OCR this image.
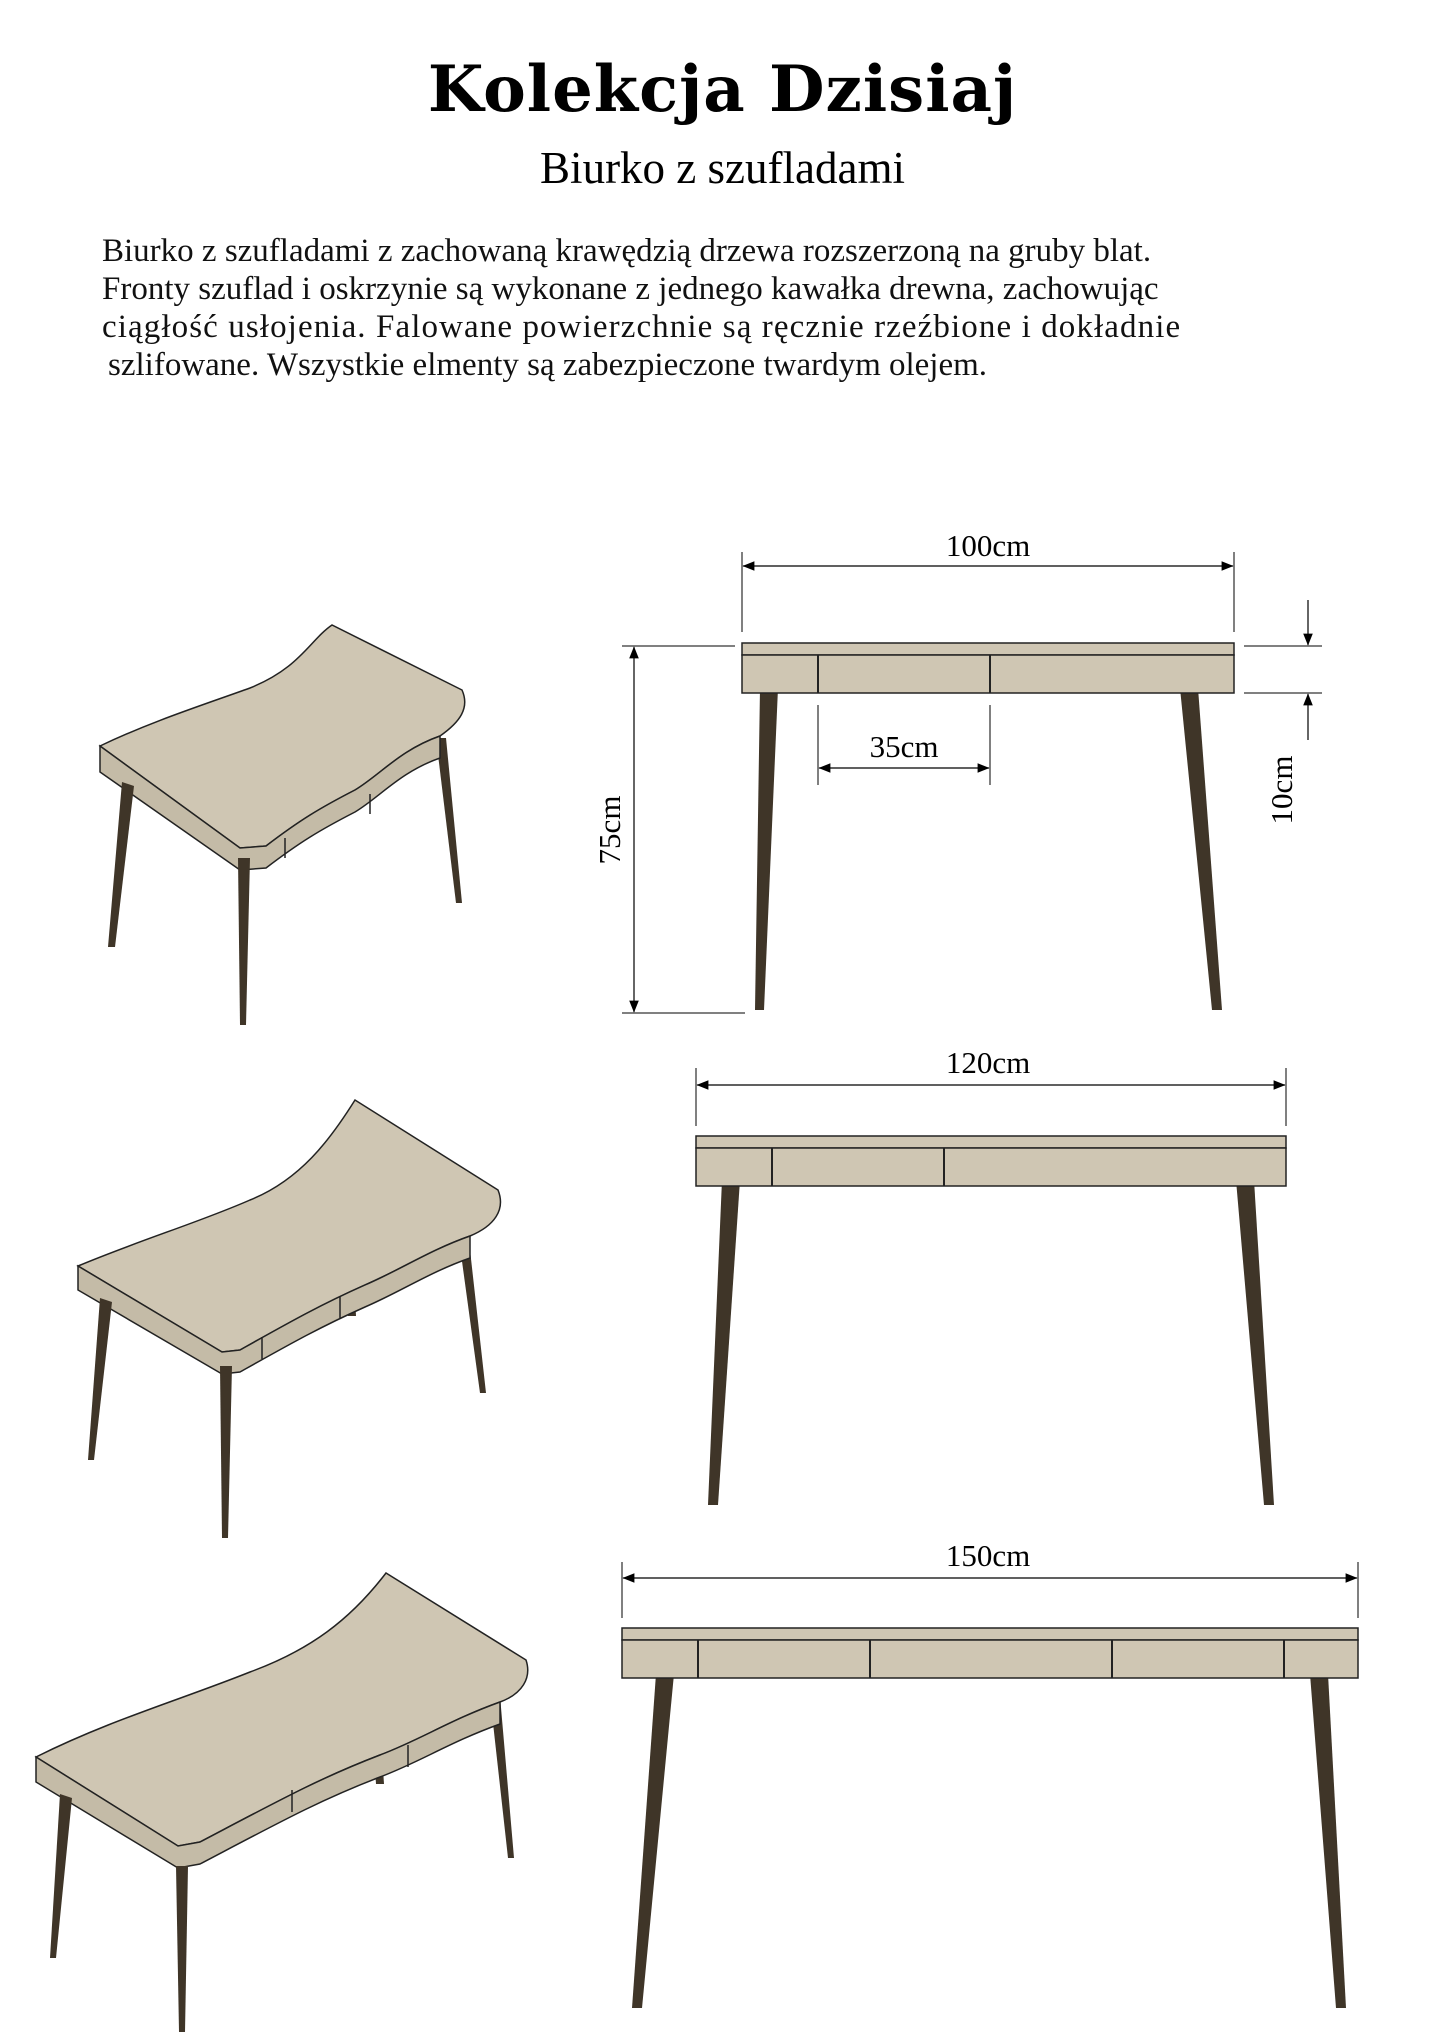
Kolekcja Dzisiaj
Biurko z szufladami
Biurko z szufladami z zachowaną krawędzią drzewa rozszerzoną na gruby blat.
Fronty szuflad i oskrzynie są wykonane z jednego kawałka drewna, zachowując
ciągłość usłojenia. Falowane powierzchnie są ręcznie rzeźbione i dokładnie
szlifowane. Wszystkie elmenty są zabezpieczone twardym olejem.
100cm
75cm
35cm
10cm
120cm
150cm
